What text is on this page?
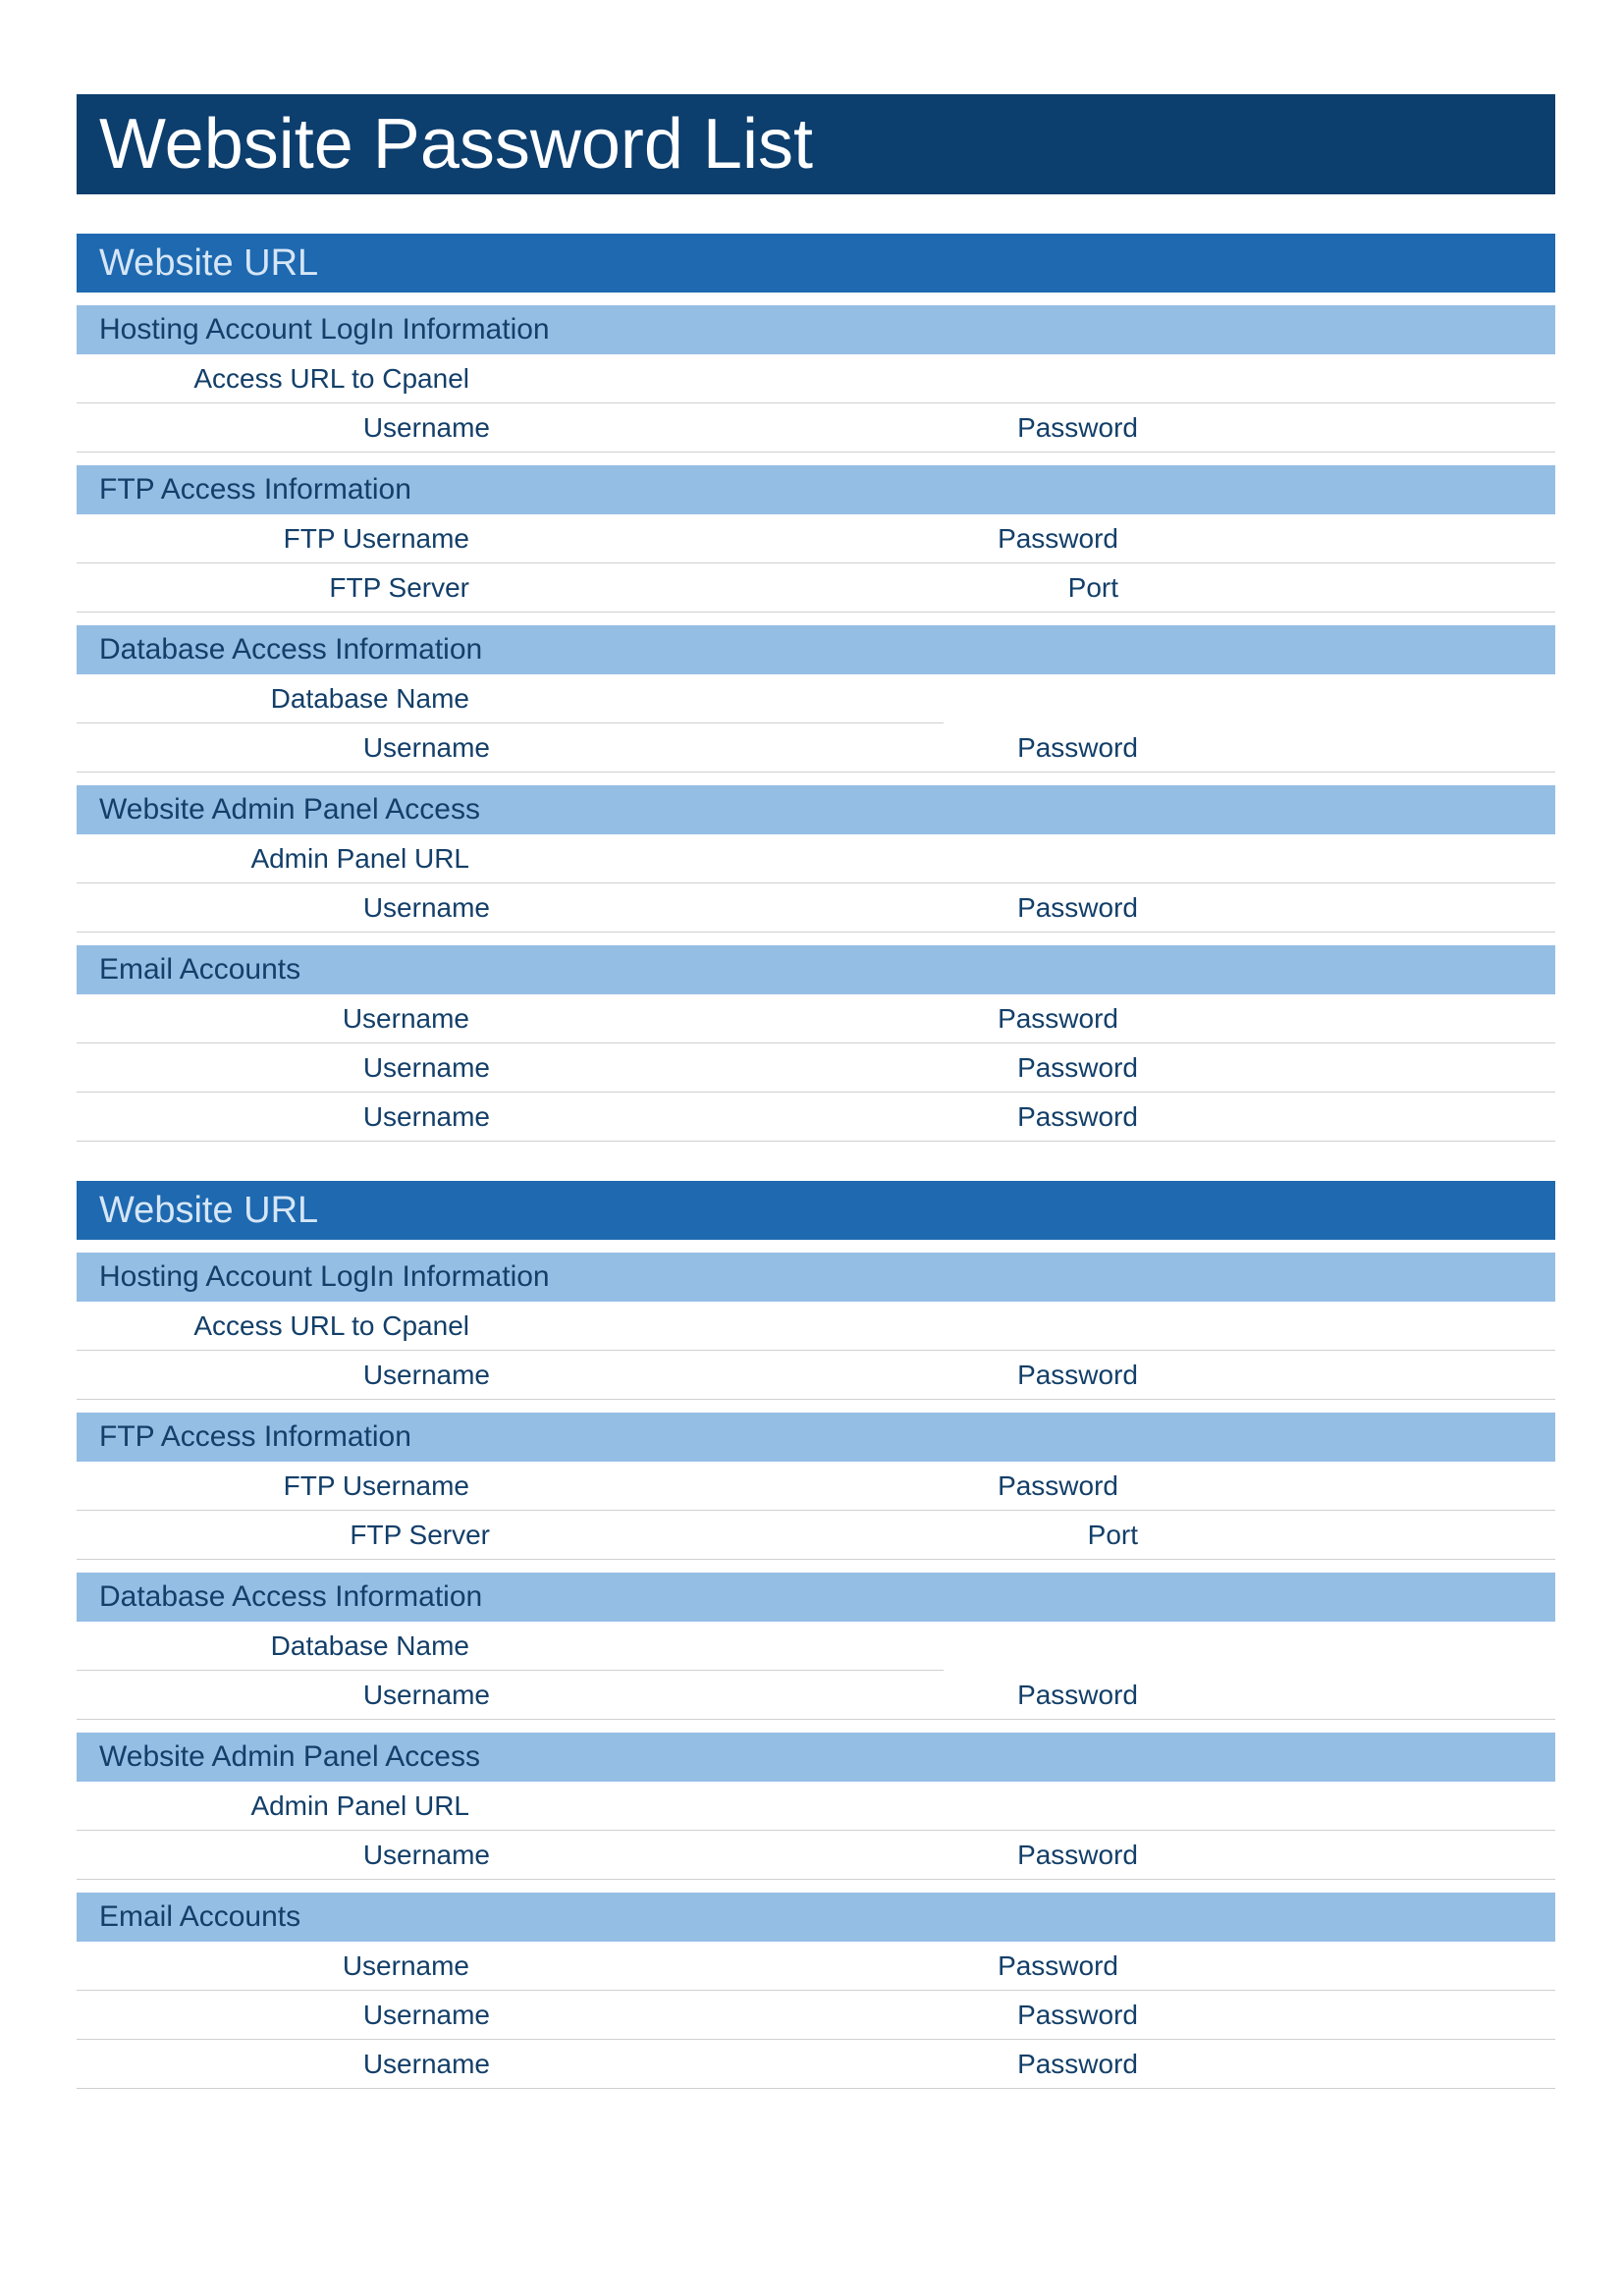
Website Password List
Website URL
Hosting Account LogIn Information
Access URL to Cpanel
Username	Password
FTP Access Information
FTP Username	Password
FTP Server	Port
Database Access Information
Database Name
Username	Password
Website Admin Panel Access
Admin Panel URL
Username	Password
Email Accounts
Username	Password
Username	Password
Username	Password
Website URL
Hosting Account LogIn Information
Access URL to Cpanel
Username	Password
FTP Access Information
FTP Username	Password
FTP Server	Port
Database Access Information
Database Name
Username	Password
Website Admin Panel Access
Admin Panel URL
Username	Password
Email Accounts
Username	Password
Username	Password
Username	Password
